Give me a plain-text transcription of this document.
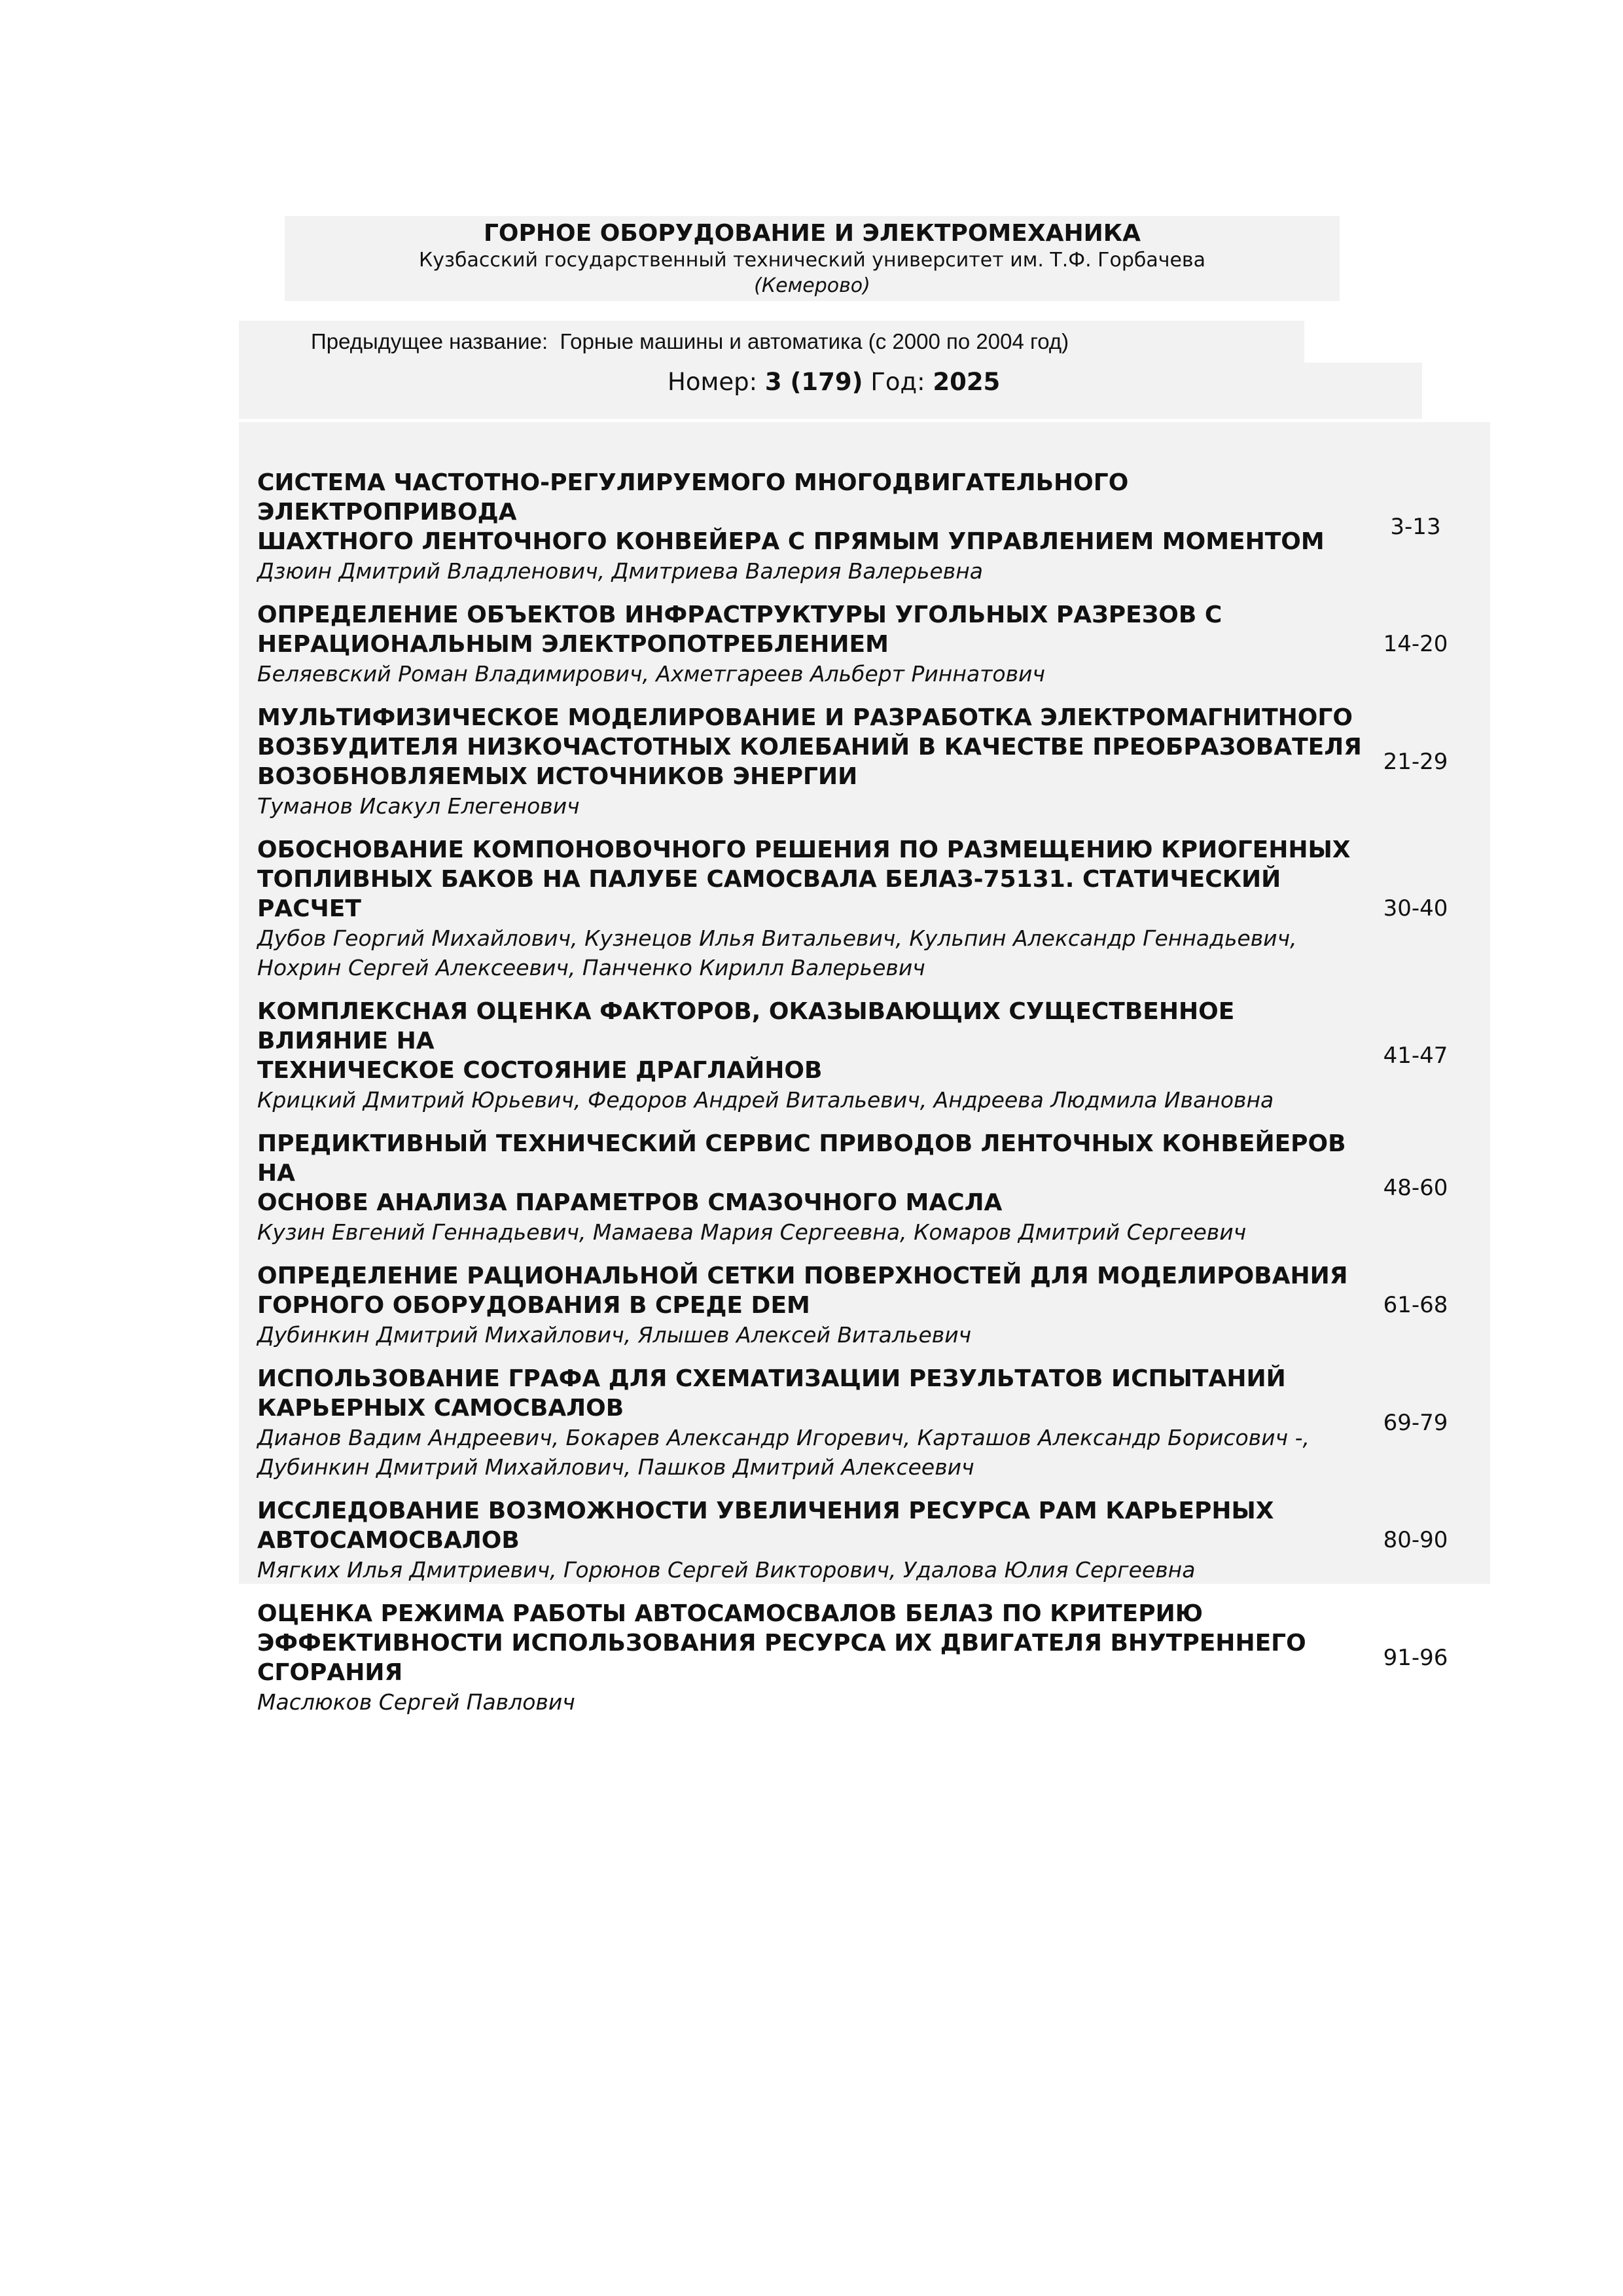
ГОРНОЕ ОБОРУДОВАНИЕ И ЭЛЕКТРОМЕХАНИКА
Кузбасский государственный технический университет им. Т.Ф. Горбачева
(Кемерово)
Предыдущее название: Горные машины и автоматика (с 2000 по 2004 год)
Номер: 3 (179) Год: 2025
СИСТЕМА ЧАСТОТНО-РЕГУЛИРУЕМОГО МНОГОДВИГАТЕЛЬНОГО ЭЛЕКТРОПРИВОДА
ШАХТНОГО ЛЕНТОЧНОГО КОНВЕЙЕРА С ПРЯМЫМ УПРАВЛЕНИЕМ МОМЕНТОМ
Дзюин Дмитрий Владленович, Дмитриева Валерия Валерьевна
3-13
ОПРЕДЕЛЕНИЕ ОБЪЕКТОВ ИНФРАСТРУКТУРЫ УГОЛЬНЫХ РАЗРЕЗОВ С
НЕРАЦИОНАЛЬНЫМ ЭЛЕКТРОПОТРЕБЛЕНИЕМ
Беляевский Роман Владимирович, Ахметгареев Альберт Риннатович
14-20
МУЛЬТИФИЗИЧЕСКОЕ МОДЕЛИРОВАНИЕ И РАЗРАБОТКА ЭЛЕКТРОМАГНИТНОГО
ВОЗБУДИТЕЛЯ НИЗКОЧАСТОТНЫХ КОЛЕБАНИЙ В КАЧЕСТВЕ ПРЕОБРАЗОВАТЕЛЯ
ВОЗОБНОВЛЯЕМЫХ ИСТОЧНИКОВ ЭНЕРГИИ
Туманов Исакул Елегенович
21-29
ОБОСНОВАНИЕ КОМПОНОВОЧНОГО РЕШЕНИЯ ПО РАЗМЕЩЕНИЮ КРИОГЕННЫХ
ТОПЛИВНЫХ БАКОВ НА ПАЛУБЕ САМОСВАЛА БЕЛАЗ-75131. СТАТИЧЕСКИЙ РАСЧЕТ
Дубов Георгий Михайлович, Кузнецов Илья Витальевич, Кульпин Александр Геннадьевич,
Нохрин Сергей Алексеевич, Панченко Кирилл Валерьевич
30-40
КОМПЛЕКСНАЯ ОЦЕНКА ФАКТОРОВ, ОКАЗЫВАЮЩИХ СУЩЕСТВЕННОЕ ВЛИЯНИЕ НА
ТЕХНИЧЕСКОЕ СОСТОЯНИЕ ДРАГЛАЙНОВ
Крицкий Дмитрий Юрьевич, Федоров Андрей Витальевич, Андреева Людмила Ивановна
41-47
ПРЕДИКТИВНЫЙ ТЕХНИЧЕСКИЙ СЕРВИС ПРИВОДОВ ЛЕНТОЧНЫХ КОНВЕЙЕРОВ НА
ОСНОВЕ АНАЛИЗА ПАРАМЕТРОВ СМАЗОЧНОГО МАСЛА
Кузин Евгений Геннадьевич, Мамаева Мария Сергеевна, Комаров Дмитрий Сергеевич
48-60
ОПРЕДЕЛЕНИЕ РАЦИОНАЛЬНОЙ СЕТКИ ПОВЕРХНОСТЕЙ ДЛЯ МОДЕЛИРОВАНИЯ
ГОРНОГО ОБОРУДОВАНИЯ В СРЕДЕ DEM
Дубинкин Дмитрий Михайлович, Ялышев Алексей Витальевич
61-68
ИСПОЛЬЗОВАНИЕ ГРАФА ДЛЯ СХЕМАТИЗАЦИИ РЕЗУЛЬТАТОВ ИСПЫТАНИЙ
КАРЬЕРНЫХ САМОСВАЛОВ
Дианов Вадим Андреевич, Бокарев Александр Игоревич, Карташов Александр Борисович -,
Дубинкин Дмитрий Михайлович, Пашков Дмитрий Алексеевич
69-79
ИССЛЕДОВАНИЕ ВОЗМОЖНОСТИ УВЕЛИЧЕНИЯ РЕСУРСА РАМ КАРЬЕРНЫХ
АВТОСАМОСВАЛОВ
Мягких Илья Дмитриевич, Горюнов Сергей Викторович, Удалова Юлия Сергеевна
80-90
ОЦЕНКА РЕЖИМА РАБОТЫ АВТОСАМОСВАЛОВ БЕЛАЗ ПО КРИТЕРИЮ
ЭФФЕКТИВНОСТИ ИСПОЛЬЗОВАНИЯ РЕСУРСА ИХ ДВИГАТЕЛЯ ВНУТРЕННЕГО
СГОРАНИЯ
Маслюков Сергей Павлович
91-96
